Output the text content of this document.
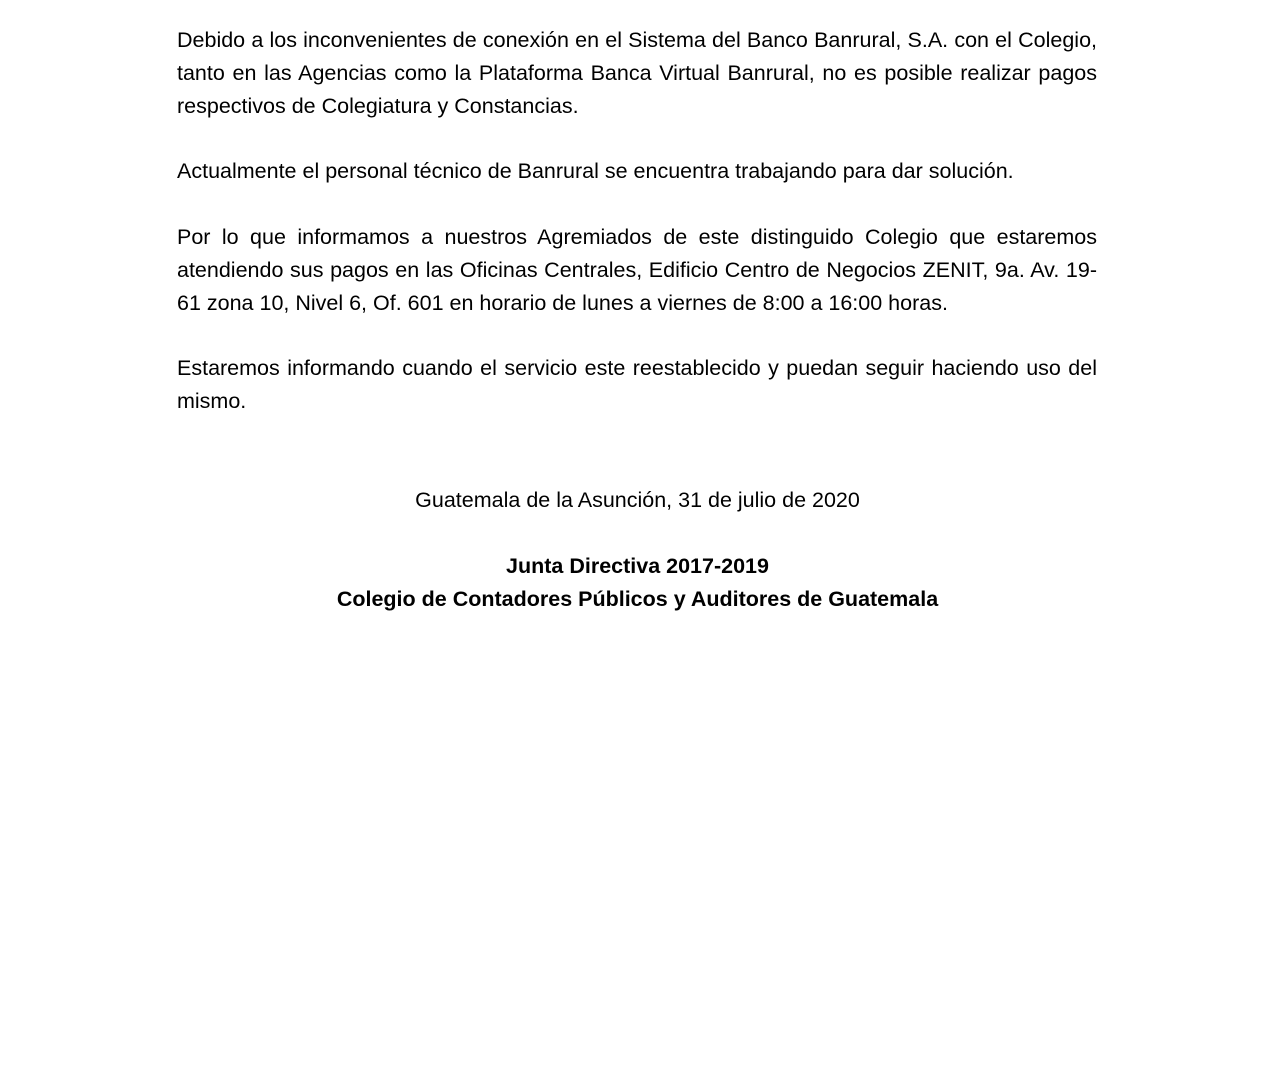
Debido a los inconvenientes de conexión en el Sistema del Banco Banrural, S.A. con el Colegio, tanto en las Agencias como la Plataforma Banca Virtual Banrural, no es posible realizar pagos respectivos de Colegiatura y Constancias.

Actualmente el personal técnico de Banrural se encuentra trabajando para dar solución.

Por lo que informamos a nuestros Agremiados de este distinguido Colegio que estaremos atendiendo sus pagos en las Oficinas Centrales, Edificio Centro de Negocios ZENIT, 9a. Av. 19-61 zona 10, Nivel 6, Of. 601 en horario de lunes a viernes de 8:00 a 16:00 horas.

Estaremos informando cuando el servicio este reestablecido y puedan seguir haciendo uso del mismo.

Guatemala de la Asunción, 31 de julio de 2020

Junta Directiva 2017-2019

Colegio de Contadores Públicos y Auditores de Guatemala
